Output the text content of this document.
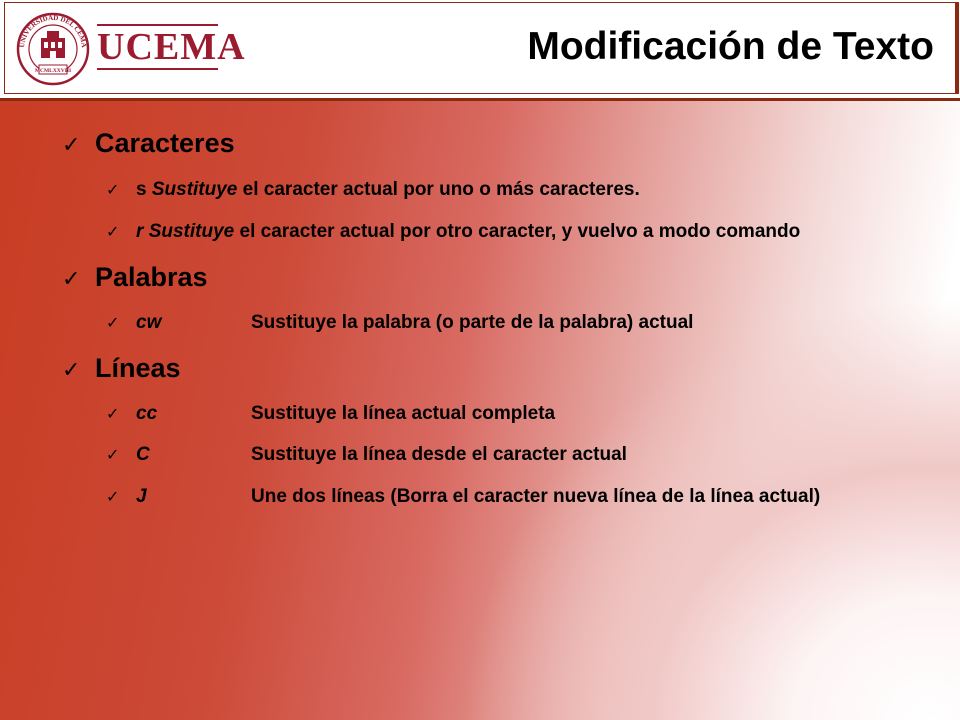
UNIVERSIDAD DEL CEMA
MCMLXXVIII
UCEMA	Modificación de Texto
✓ Caracteres
✓ s Sustituye el caracter actual por uno o más caracteres.
✓ r Sustituye el caracter actual por otro caracter, y vuelvo a modo comando
✓ Palabras
✓ cw	Sustituye la palabra (o parte de la palabra) actual
✓ Líneas
✓ cc	Sustituye la línea actual completa
✓ C	Sustituye la línea desde el caracter actual
✓ J	Une dos líneas (Borra el caracter nueva línea de la línea actual)
